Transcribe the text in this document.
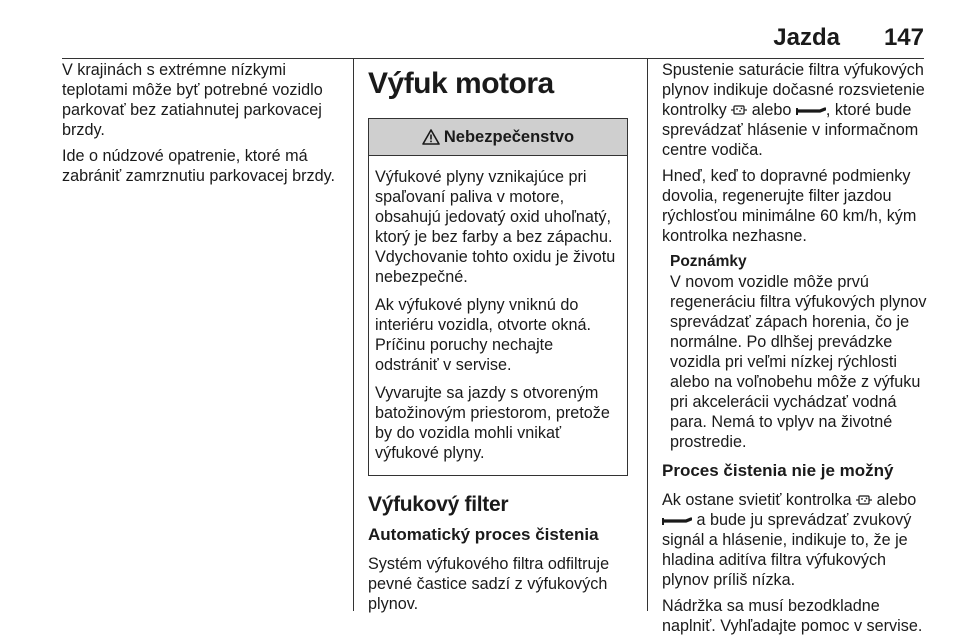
Jazda 147

V krajinách s extrémne nízkymi teplotami môže byť potrebné vozidlo parkovať bez zatiahnutej parkovacej brzdy.

Ide o núdzové opatrenie, ktoré má zabrániť zamrznutiu parkovacej brzdy.

Výfuk motora
Nebezpečenstvo

Výfukové plyny vznikajúce pri spaľovaní paliva v motore, obsahujú jedovatý oxid uhoľnatý, ktorý je bez farby a bez zápachu. Vdychovanie tohto oxidu je životu nebezpečné.

Ak výfukové plyny vniknú do interiéru vozidla, otvorte okná. Príčinu poruchy nechajte odstrániť v servise.

Vyvarujte sa jazdy s otvoreným batožinovým priestorom, pretože by do vozidla mohli vnikať výfukové plyny.

Výfukový filter
Automatický proces čistenia

Systém výfukového filtra odfiltruje pevné častice sadzí z výfukových plynov.

Spustenie saturácie filtra výfukových plynov indikuje dočasné rozsvietenie kontrolky alebo , ktoré bude sprevádzať hlásenie v informačnom centre vodiča.

Hneď, keď to dopravné podmienky dovolia, regenerujte filter jazdou rýchlosťou minimálne 60 km/h, kým kontrolka nezhasne.

Poznámky

V novom vozidle môže prvú regeneráciu filtra výfukových plynov sprevádzať zápach horenia, čo je normálne. Po dlhšej prevádzke vozidla pri veľmi nízkej rýchlosti alebo na voľnobehu môže z výfuku pri akcelerácii vychádzať vodná para. Nemá to vplyv na životné prostredie.

Proces čistenia nie je možný

Ak ostane svietiť kontrolka alebo  a bude ju sprevádzať zvukový signál a hlásenie, indikuje to, že je hladina aditíva filtra výfukových plynov príliš nízka.

Nádržka sa musí bezodkladne naplniť. Vyhľadajte pomoc v servise.
